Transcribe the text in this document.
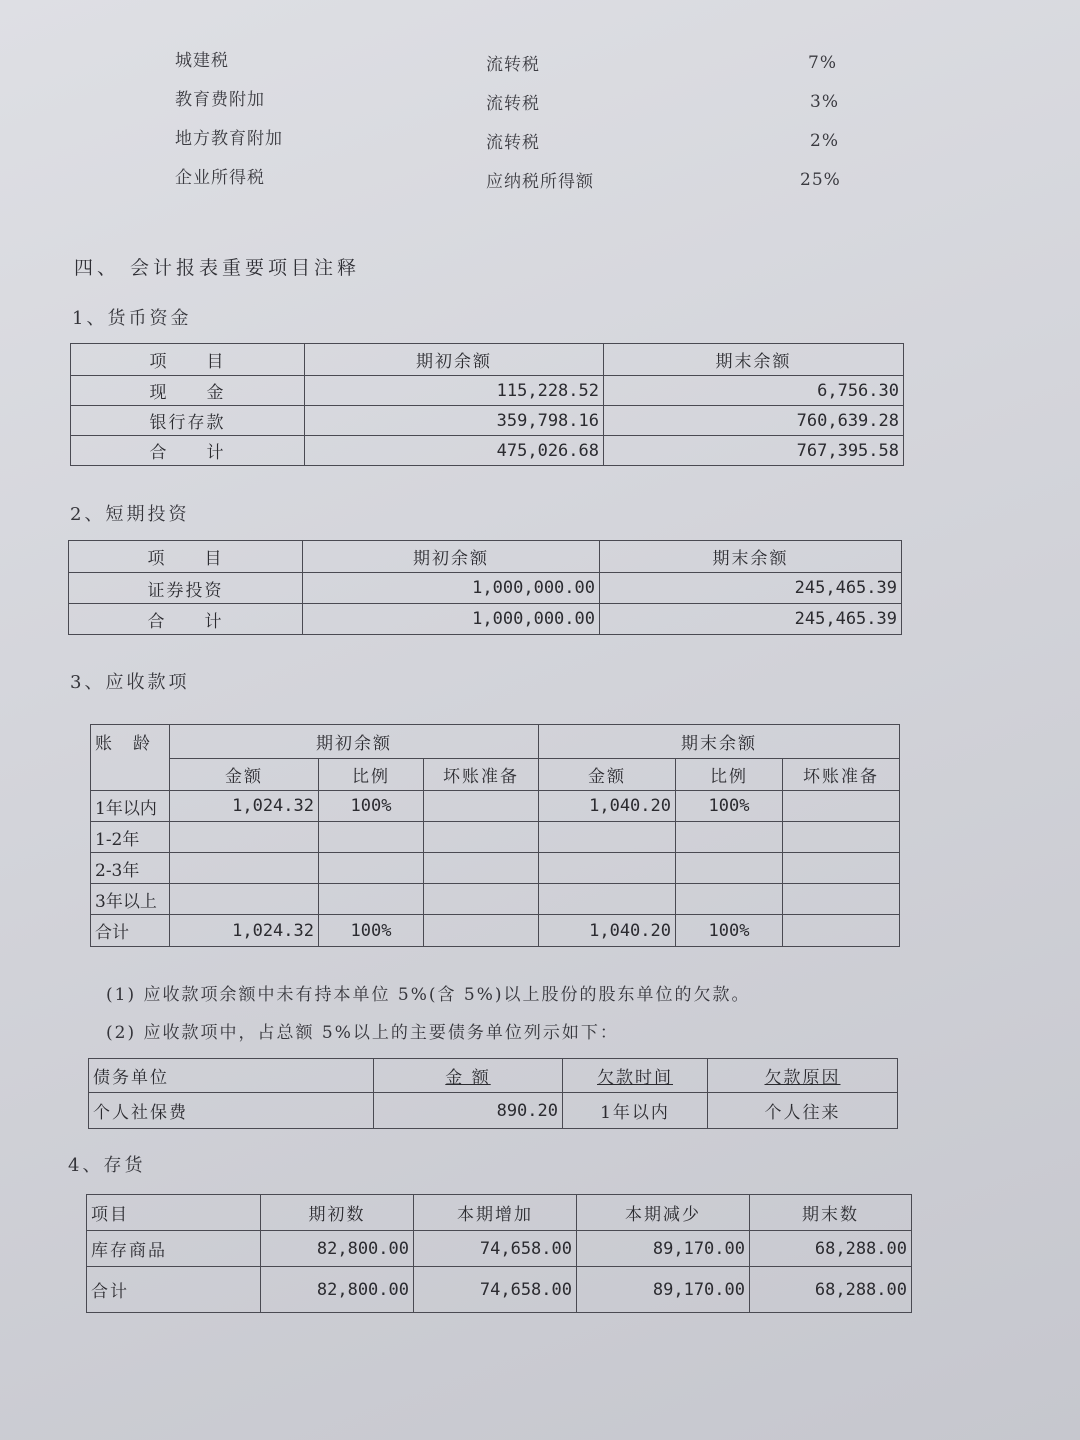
城建税	流转税	7%
教育费附加	流转税	3%
地方教育附加	流转税	2%
企业所得税	应纳税所得额	25%
四、 会计报表重要项目注释
1、货币资金
项　　目	期初余额	期末余额
现　　金	115,228.52	6,756.30
银行存款	359,798.16	760,639.28
合　　计	475,026.68	767,395.58
2、短期投资
项　　目	期初余额	期末余额
证券投资	1,000,000.00	245,465.39
合　　计	1,000,000.00	245,465.39
3、应收款项
账　龄	期初余额			期末余额		
	金额	比例	坏账准备	金额	比例	坏账准备
1年以内	1,024.32	100%		1,040.20	100%	
1-2年						
2-3年						
3年以上						
合计	1,024.32	100%		1,040.20	100%	
(1) 应收款项余额中未有持本单位 5%(含 5%)以上股份的股东单位的欠款。
(2) 应收款项中，占总额 5%以上的主要债务单位列示如下：
债务单位	金 额	欠款时间	欠款原因
个人社保费	890.20	1年以内	个人往来
4、存货
项目	期初数	本期增加	本期减少	期末数
库存商品	82,800.00	74,658.00	89,170.00	68,288.00
合计	82,800.00	74,658.00	89,170.00	68,288.00
